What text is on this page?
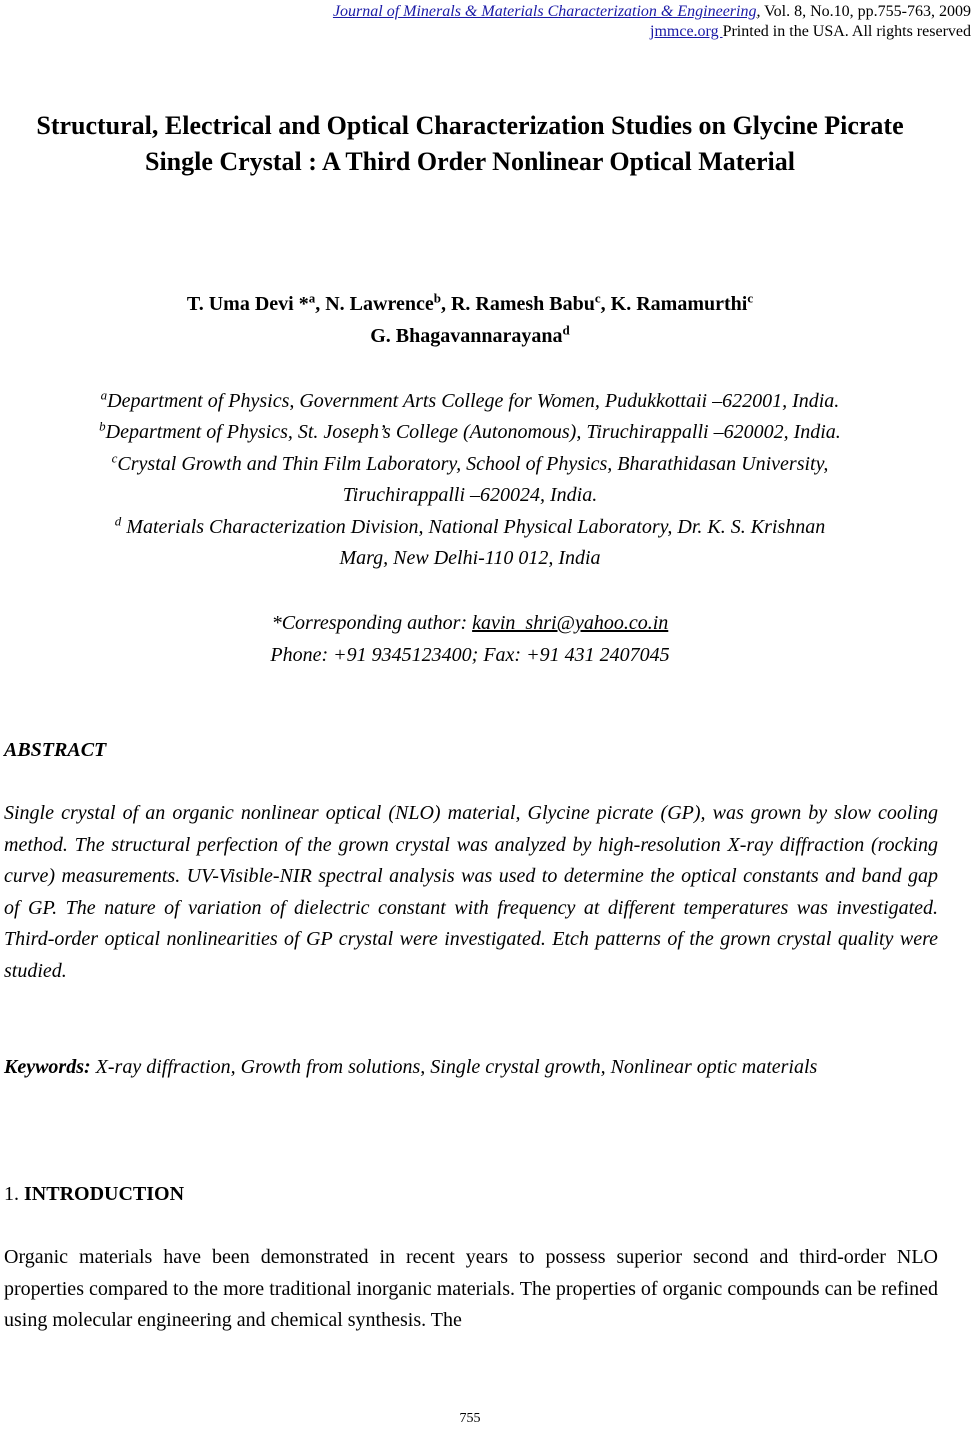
Journal of Minerals & Materials Characterization & Engineering, Vol. 8, No.10, pp.755-763, 2009
jmmce.org Printed in the USA. All rights reserved
Structural, Electrical and Optical Characterization Studies on Glycine Picrate
Single Crystal : A Third Order Nonlinear Optical Material
T. Uma Devi *$^a$, N. Lawrence$^b$, R. Ramesh Babu$^c$, K. Ramamurthi$^c$
G. Bhagavannarayana$^d$
$^a$Department of Physics, Government Arts College for Women, Pudukkottaii –622001, India.
$^b$Department of Physics, St. Joseph’s College (Autonomous), Tiruchirappalli –620002, India.
$^c$Crystal Growth and Thin Film Laboratory, School of Physics, Bharathidasan University,
Tiruchirappalli –620024, India.
$^d$ Materials Characterization Division, National Physical Laboratory, Dr. K. S. Krishnan
Marg, New Delhi-110 012, India
*Corresponding author: kavin_shri@yahoo.co.in
Phone: +91 9345123400; Fax: +91 431 2407045
ABSTRACT
Single crystal of an organic nonlinear optical (NLO) material, Glycine picrate (GP), was grown by slow cooling method. The structural perfection of the grown crystal was analyzed by high-resolution X-ray diffraction (rocking curve) measurements. UV-Visible-NIR spectral analysis was used to determine the optical constants and band gap of GP. The nature of variation of dielectric constant with frequency at different temperatures was investigated. Third-order optical nonlinearities of GP crystal were investigated. Etch patterns of the grown crystal quality were studied.
Keywords: X-ray diffraction, Growth from solutions, Single crystal growth, Nonlinear optic materials
1. INTRODUCTION
Organic materials have been demonstrated in recent years to possess superior second and third-order NLO properties compared to the more traditional inorganic materials. The properties of organic compounds can be refined using molecular engineering and chemical synthesis. The
755
